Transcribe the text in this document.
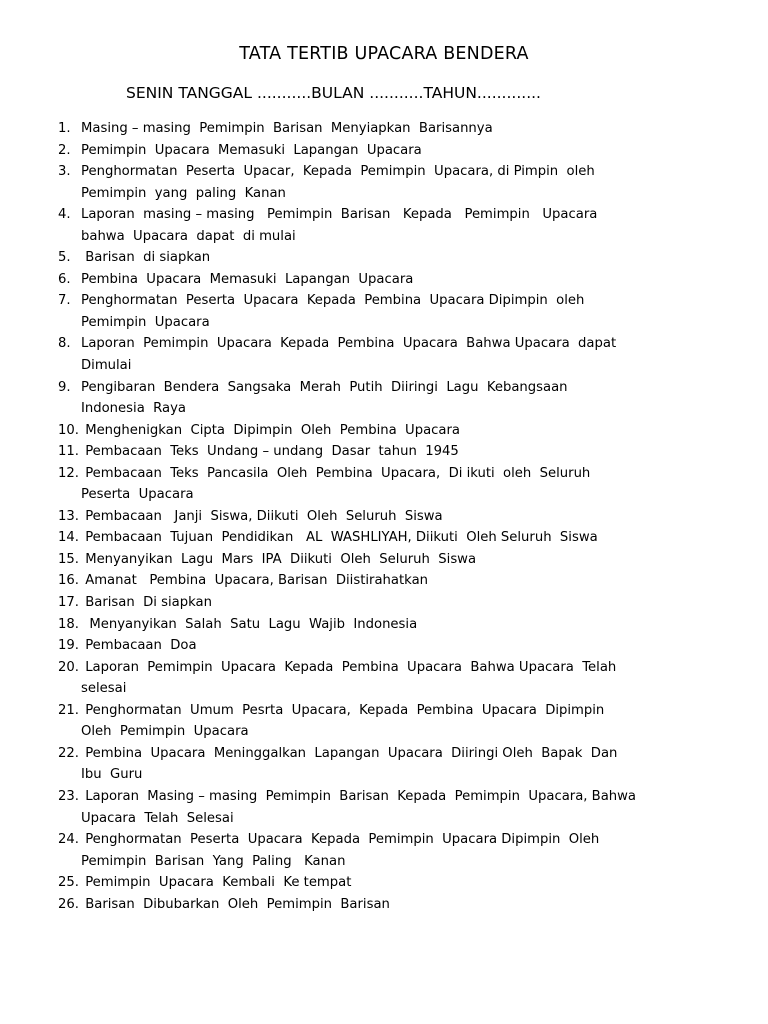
TATA TERTIB UPACARA BENDERA
SENIN TANGGAL ...........BULAN ...........TAHUN.............
1. Masing – masing  Pemimpin  Barisan  Menyiapkan  Barisannya
2. Pemimpin  Upacara  Memasuki  Lapangan  Upacara
3. Penghormatan  Peserta  Upacar,  Kepada  Pemimpin  Upacara, di Pimpin  oleh
Pemimpin  yang  paling  Kanan
4. Laporan  masing – masing   Pemimpin  Barisan   Kepada   Pemimpin   Upacara
bahwa  Upacara  dapat  di mulai
5. Barisan  di siapkan
6. Pembina  Upacara  Memasuki  Lapangan  Upacara
7. Penghormatan  Peserta  Upacara  Kepada  Pembina  Upacara Dipimpin  oleh
Pemimpin  Upacara
8. Laporan  Pemimpin  Upacara  Kepada  Pembina  Upacara  Bahwa Upacara  dapat
Dimulai
9. Pengibaran  Bendera  Sangsaka  Merah  Putih  Diiringi  Lagu  Kebangsaan
Indonesia  Raya
10. Menghenigkan  Cipta  Dipimpin  Oleh  Pembina  Upacara
11. Pembacaan  Teks  Undang – undang  Dasar  tahun  1945
12. Pembacaan  Teks  Pancasila  Oleh  Pembina  Upacara,  Di ikuti  oleh  Seluruh
Peserta  Upacara
13. Pembacaan   Janji  Siswa, Diikuti  Oleh  Seluruh  Siswa
14. Pembacaan  Tujuan  Pendidikan   AL  WASHLIYAH, Diikuti  Oleh Seluruh  Siswa
15. Menyanyikan  Lagu  Mars  IPA  Diikuti  Oleh  Seluruh  Siswa
16. Amanat   Pembina  Upacara, Barisan  Diistirahatkan
17. Barisan  Di siapkan
18. Menyanyikan  Salah  Satu  Lagu  Wajib  Indonesia
19. Pembacaan  Doa
20. Laporan  Pemimpin  Upacara  Kepada  Pembina  Upacara  Bahwa Upacara  Telah
selesai
21. Penghormatan  Umum  Pesrta  Upacara,  Kepada  Pembina  Upacara  Dipimpin
Oleh  Pemimpin  Upacara
22. Pembina  Upacara  Meninggalkan  Lapangan  Upacara  Diiringi Oleh  Bapak  Dan
Ibu  Guru
23. Laporan  Masing – masing  Pemimpin  Barisan  Kepada  Pemimpin  Upacara, Bahwa
Upacara  Telah  Selesai
24. Penghormatan  Peserta  Upacara  Kepada  Pemimpin  Upacara Dipimpin  Oleh
Pemimpin  Barisan  Yang  Paling   Kanan
25. Pemimpin  Upacara  Kembali  Ke tempat
26. Barisan  Dibubarkan  Oleh  Pemimpin  Barisan
